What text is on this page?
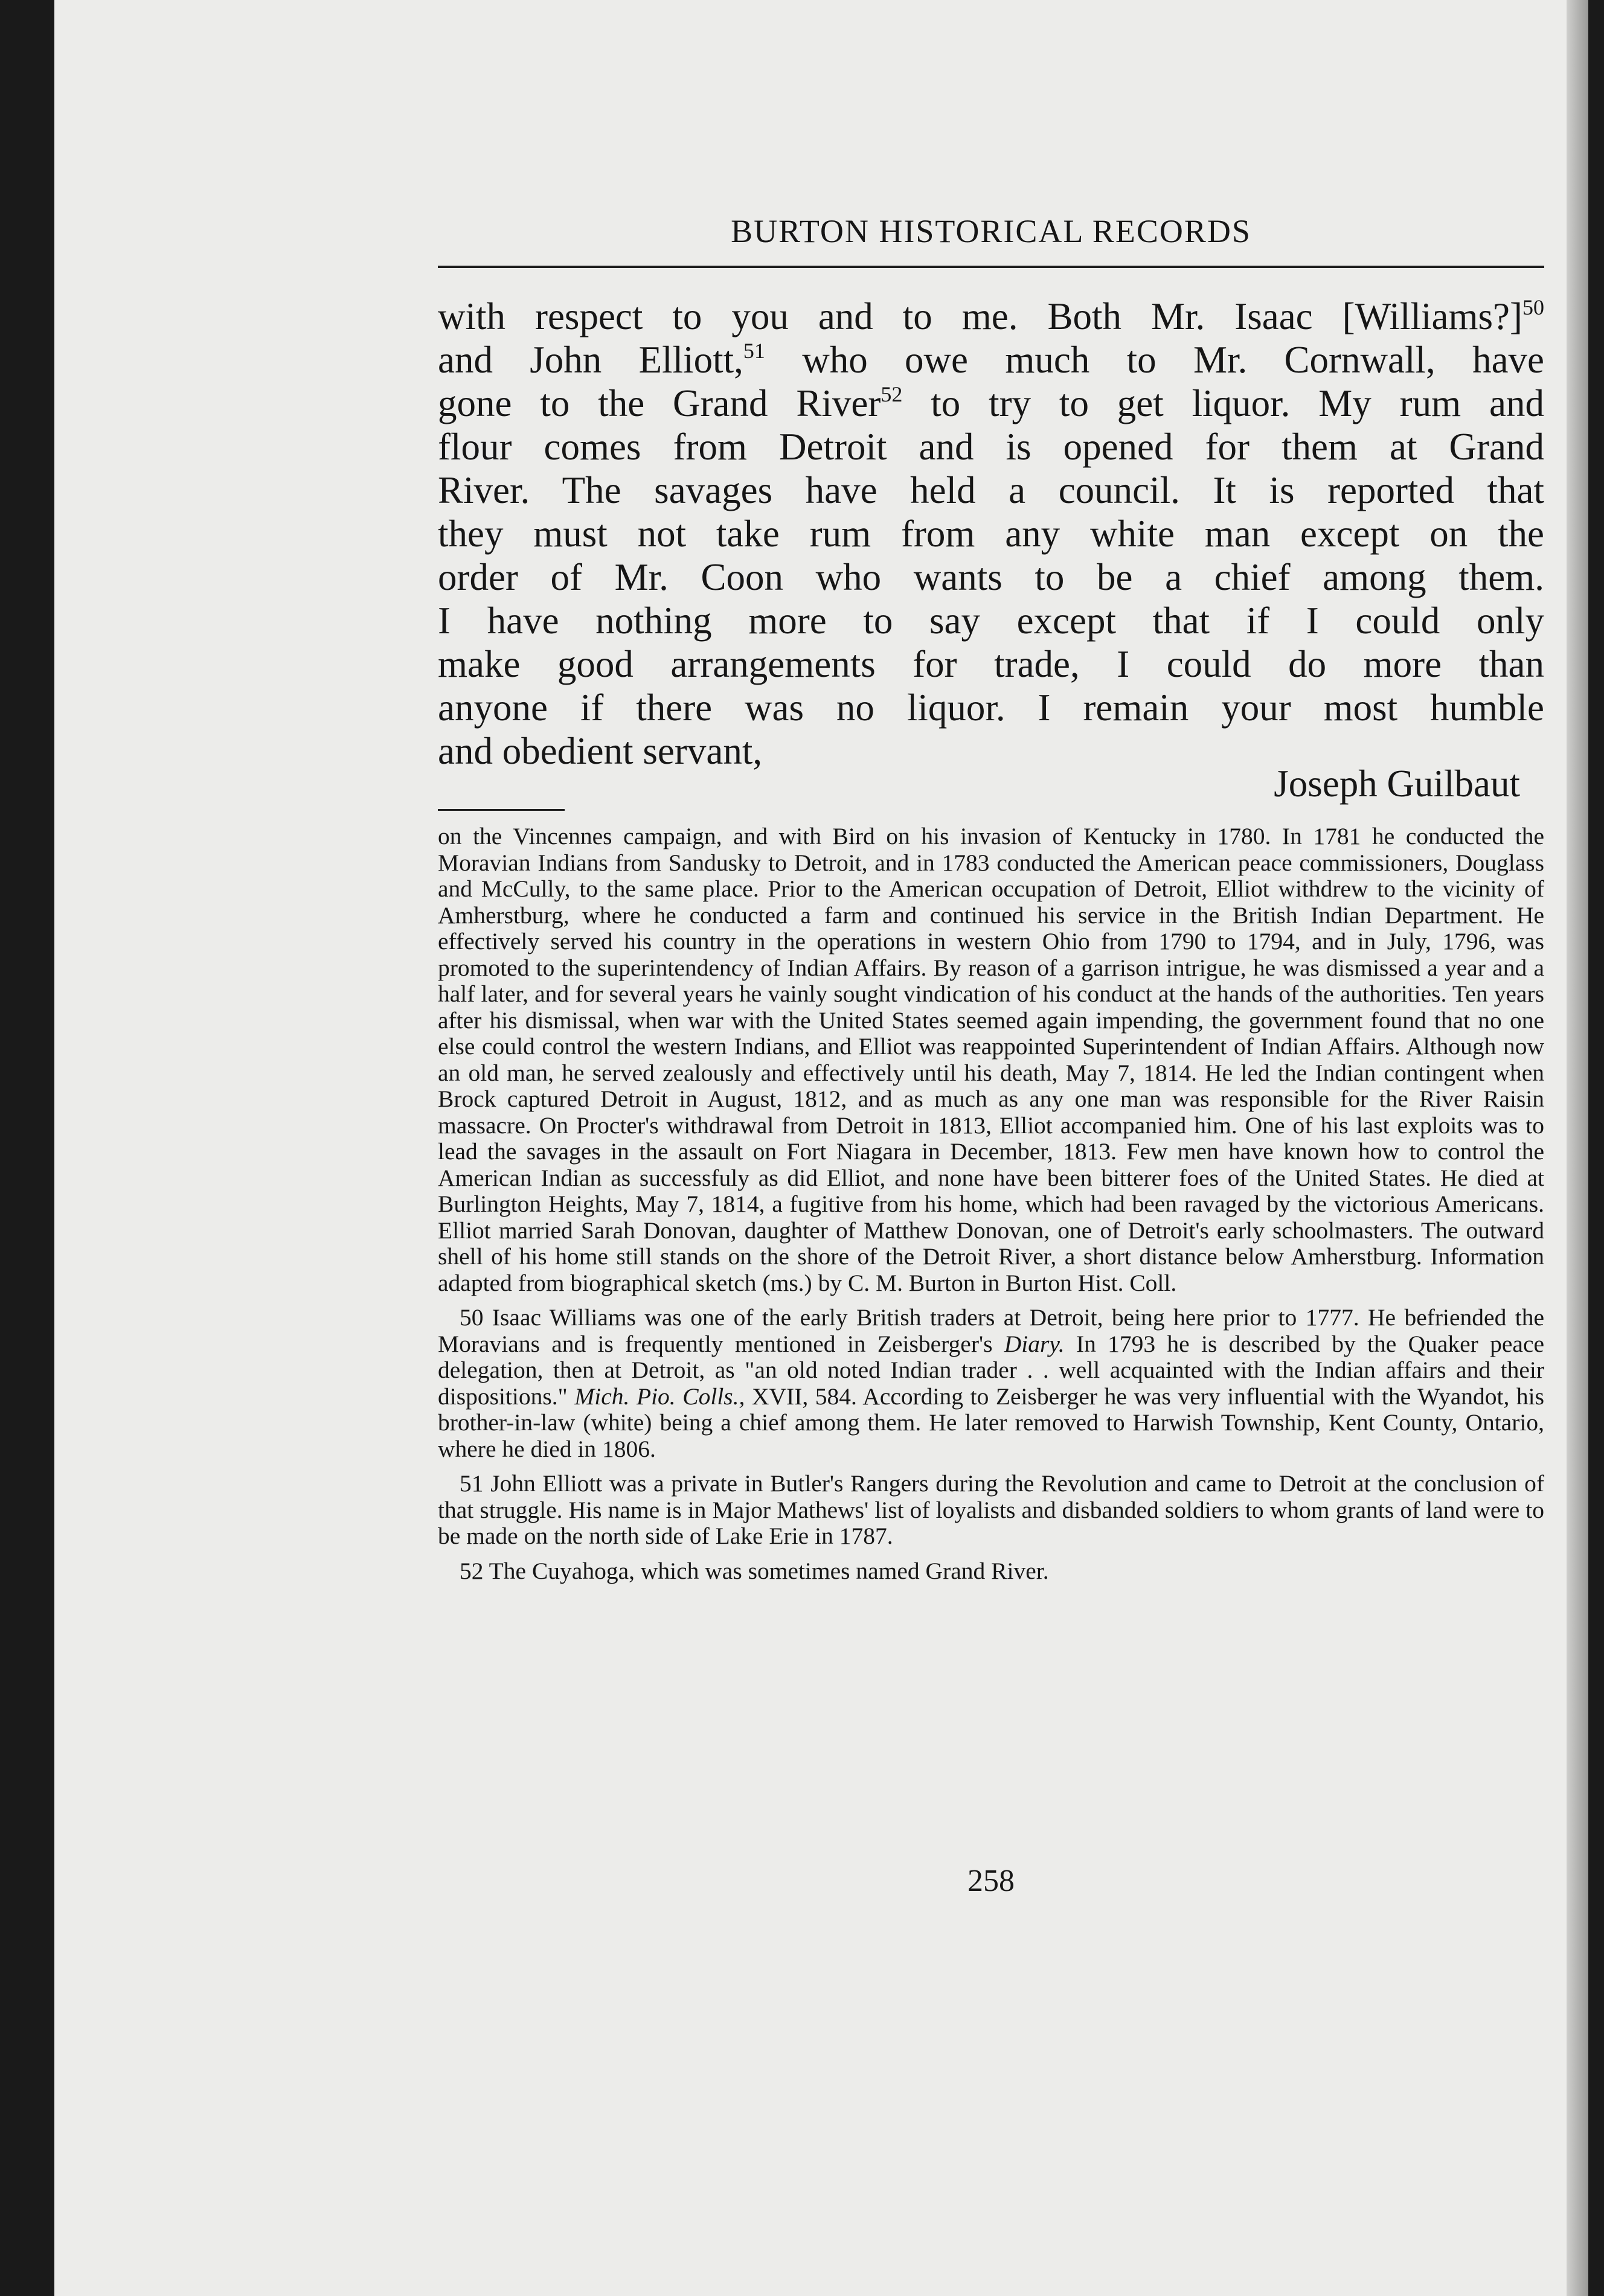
BURTON HISTORICAL RECORDS
with respect to you and to me. Both Mr. Isaac [Williams?]$^{50}$
and John Elliott,$^{51}$ who owe much to Mr. Cornwall, have
gone to the Grand River$^{52}$ to try to get liquor. My rum and
flour comes from Detroit and is opened for them at Grand
River. The savages have held a council. It is reported that
they must not take rum from any white man except on the
order of Mr. Coon who wants to be a chief among them.
I have nothing more to say except that if I could only
make good arrangements for trade, I could do more than
anyone if there was no liquor. I remain your most humble
and obedient servant,
Joseph Guilbaut

on the Vincennes campaign, and with Bird on his invasion of Kentucky in 1780. In 1781 he conducted the Moravian Indians from Sandusky to Detroit, and in 1783 conducted the American peace commissioners, Douglass and McCully, to the same place. Prior to the American occupation of Detroit, Elliot withdrew to the vicinity of Amherstburg, where he conducted a farm and continued his service in the British Indian Department. He effectively served his country in the operations in western Ohio from 1790 to 1794, and in July, 1796, was promoted to the superintendency of Indian Affairs. By reason of a garrison intrigue, he was dismissed a year and a half later, and for several years he vainly sought vindication of his conduct at the hands of the authorities. Ten years after his dismissal, when war with the United States seemed again impending, the government found that no one else could control the western Indians, and Elliot was reappointed Superintendent of Indian Affairs. Although now an old man, he served zealously and effectively until his death, May 7, 1814. He led the Indian contingent when Brock captured Detroit in August, 1812, and as much as any one man was responsible for the River Raisin massacre. On Procter's withdrawal from Detroit in 1813, Elliot accompanied him. One of his last exploits was to lead the savages in the assault on Fort Niagara in December, 1813. Few men have known how to control the American Indian as successfuly as did Elliot, and none have been bitterer foes of the United States. He died at Burlington Heights, May 7, 1814, a fugitive from his home, which had been ravaged by the victorious Americans. Elliot married Sarah Donovan, daughter of Matthew Donovan, one of Detroit's early schoolmasters. The outward shell of his home still stands on the shore of the Detroit River, a short distance below Amherstburg. Information adapted from biographical sketch (ms.) by C. M. Burton in Burton Hist. Coll.

50 Isaac Williams was one of the early British traders at Detroit, being here prior to 1777. He befriended the Moravians and is frequently mentioned in Zeisberger's Diary. In 1793 he is described by the Quaker peace delegation, then at Detroit, as "an old noted Indian trader . . well acquainted with the Indian affairs and their dispositions." Mich. Pio. Colls., XVII, 584. According to Zeisberger he was very influential with the Wyandot, his brother-in-law (white) being a chief among them. He later removed to Harwish Township, Kent County, Ontario, where he died in 1806.

51 John Elliott was a private in Butler's Rangers during the Revolution and came to Detroit at the conclusion of that struggle. His name is in Major Mathews' list of loyalists and disbanded soldiers to whom grants of land were to be made on the north side of Lake Erie in 1787.

52 The Cuyahoga, which was sometimes named Grand River.

258
